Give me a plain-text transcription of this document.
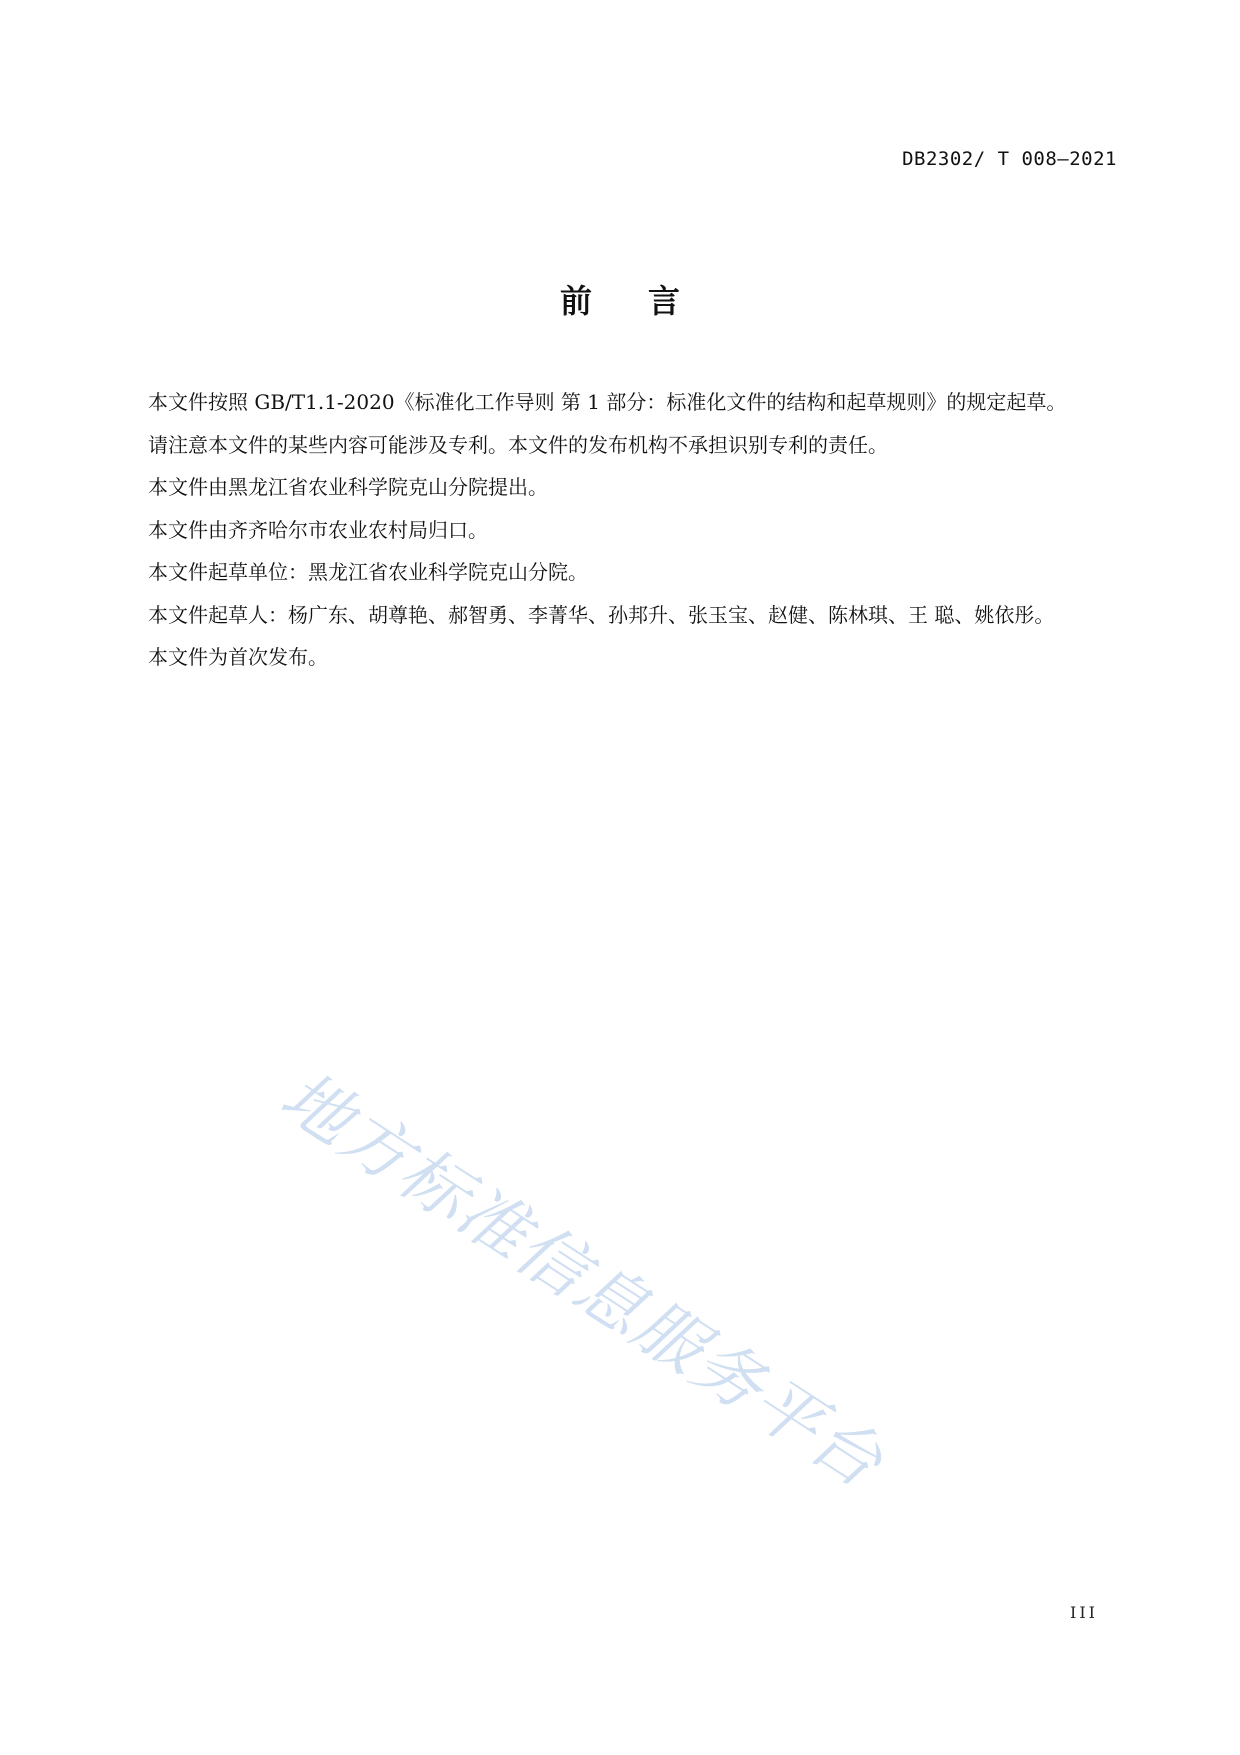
DB2302/ T 008—2021
前 言
本文件按照 GB/T1.1-2020《标准化工作导则 第 1 部分：标准化文件的结构和起草规则》的规定起草。
请注意本文件的某些内容可能涉及专利。本文件的发布机构不承担识别专利的责任。
本文件由黑龙江省农业科学院克山分院提出。
本文件由齐齐哈尔市农业农村局归口。
本文件起草单位：黑龙江省农业科学院克山分院。
本文件起草人：杨广东、胡尊艳、郝智勇、李菁华、孙邦升、张玉宝、赵健、陈林琪、王 聪、姚依彤。
本文件为首次发布。
地方标准信息服务平台
III
